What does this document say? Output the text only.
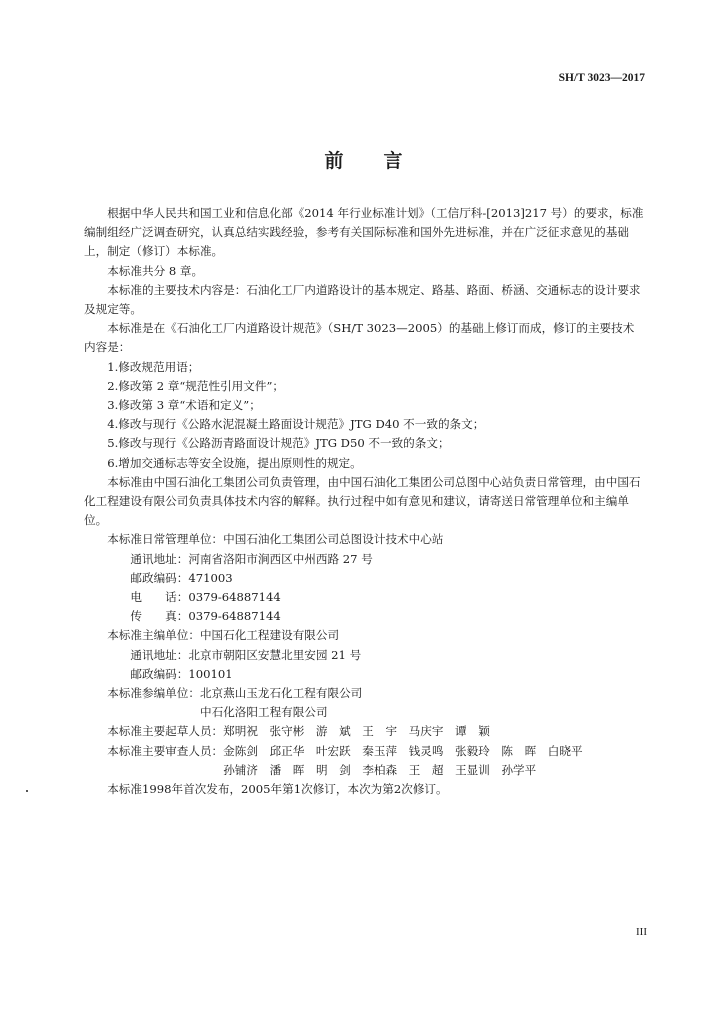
SH/T 3023—2017
前言

根据中华人民共和国工业和信息化部《2014 年行业标准计划》（工信厅科-[2013]217 号）的要求，标准编制组经广泛调查研究，认真总结实践经验，参考有关国际标准和国外先进标准，并在广泛征求意见的基础上，制定（修订）本标准。

本标准共分 8 章。

本标准的主要技术内容是：石油化工厂内道路设计的基本规定、路基、路面、桥涵、交通标志的设计要求及规定等。

本标准是在《石油化工厂内道路设计规范》（SH/T 3023—2005）的基础上修订而成，修订的主要技术内容是：

1.修改规范用语；

2.修改第 2 章“规范性引用文件”；

3.修改第 3 章“术语和定义”；

4.修改与现行《公路水泥混凝土路面设计规范》JTG D40 不一致的条文；

5.修改与现行《公路沥青路面设计规范》JTG D50 不一致的条文；

6.增加交通标志等安全设施，提出原则性的规定。

本标准由中国石油化工集团公司负责管理，由中国石油化工集团公司总图中心站负责日常管理，由中国石化工程建设有限公司负责具体技术内容的解释。执行过程中如有意见和建议，请寄送日常管理单位和主编单位。

本标准日常管理单位：中国石油化工集团公司总图设计技术中心站

通讯地址：河南省洛阳市涧西区中州西路 27 号

邮政编码：471003

电　　话：0379-64887144

传　　真：0379-64887144

本标准主编单位：中国石化工程建设有限公司

通讯地址：北京市朝阳区安慧北里安园 21 号

邮政编码：100101

本标准参编单位：北京燕山玉龙石化工程有限公司

中石化洛阳工程有限公司

本标准主要起草人员：郑明祝　张守彬　游　斌　王　宇　马庆宇　谭　颖

本标准主要审查人员：金陈剑　邱正华　叶宏跃　秦玉萍　钱灵鸣　张毅玲　陈　晖　白晓平

孙铺济　潘　晖　明　剑　李柏森　王　超　王显训　孙学平

本标准1998年首次发布，2005年第1次修订，本次为第2次修订。

III
